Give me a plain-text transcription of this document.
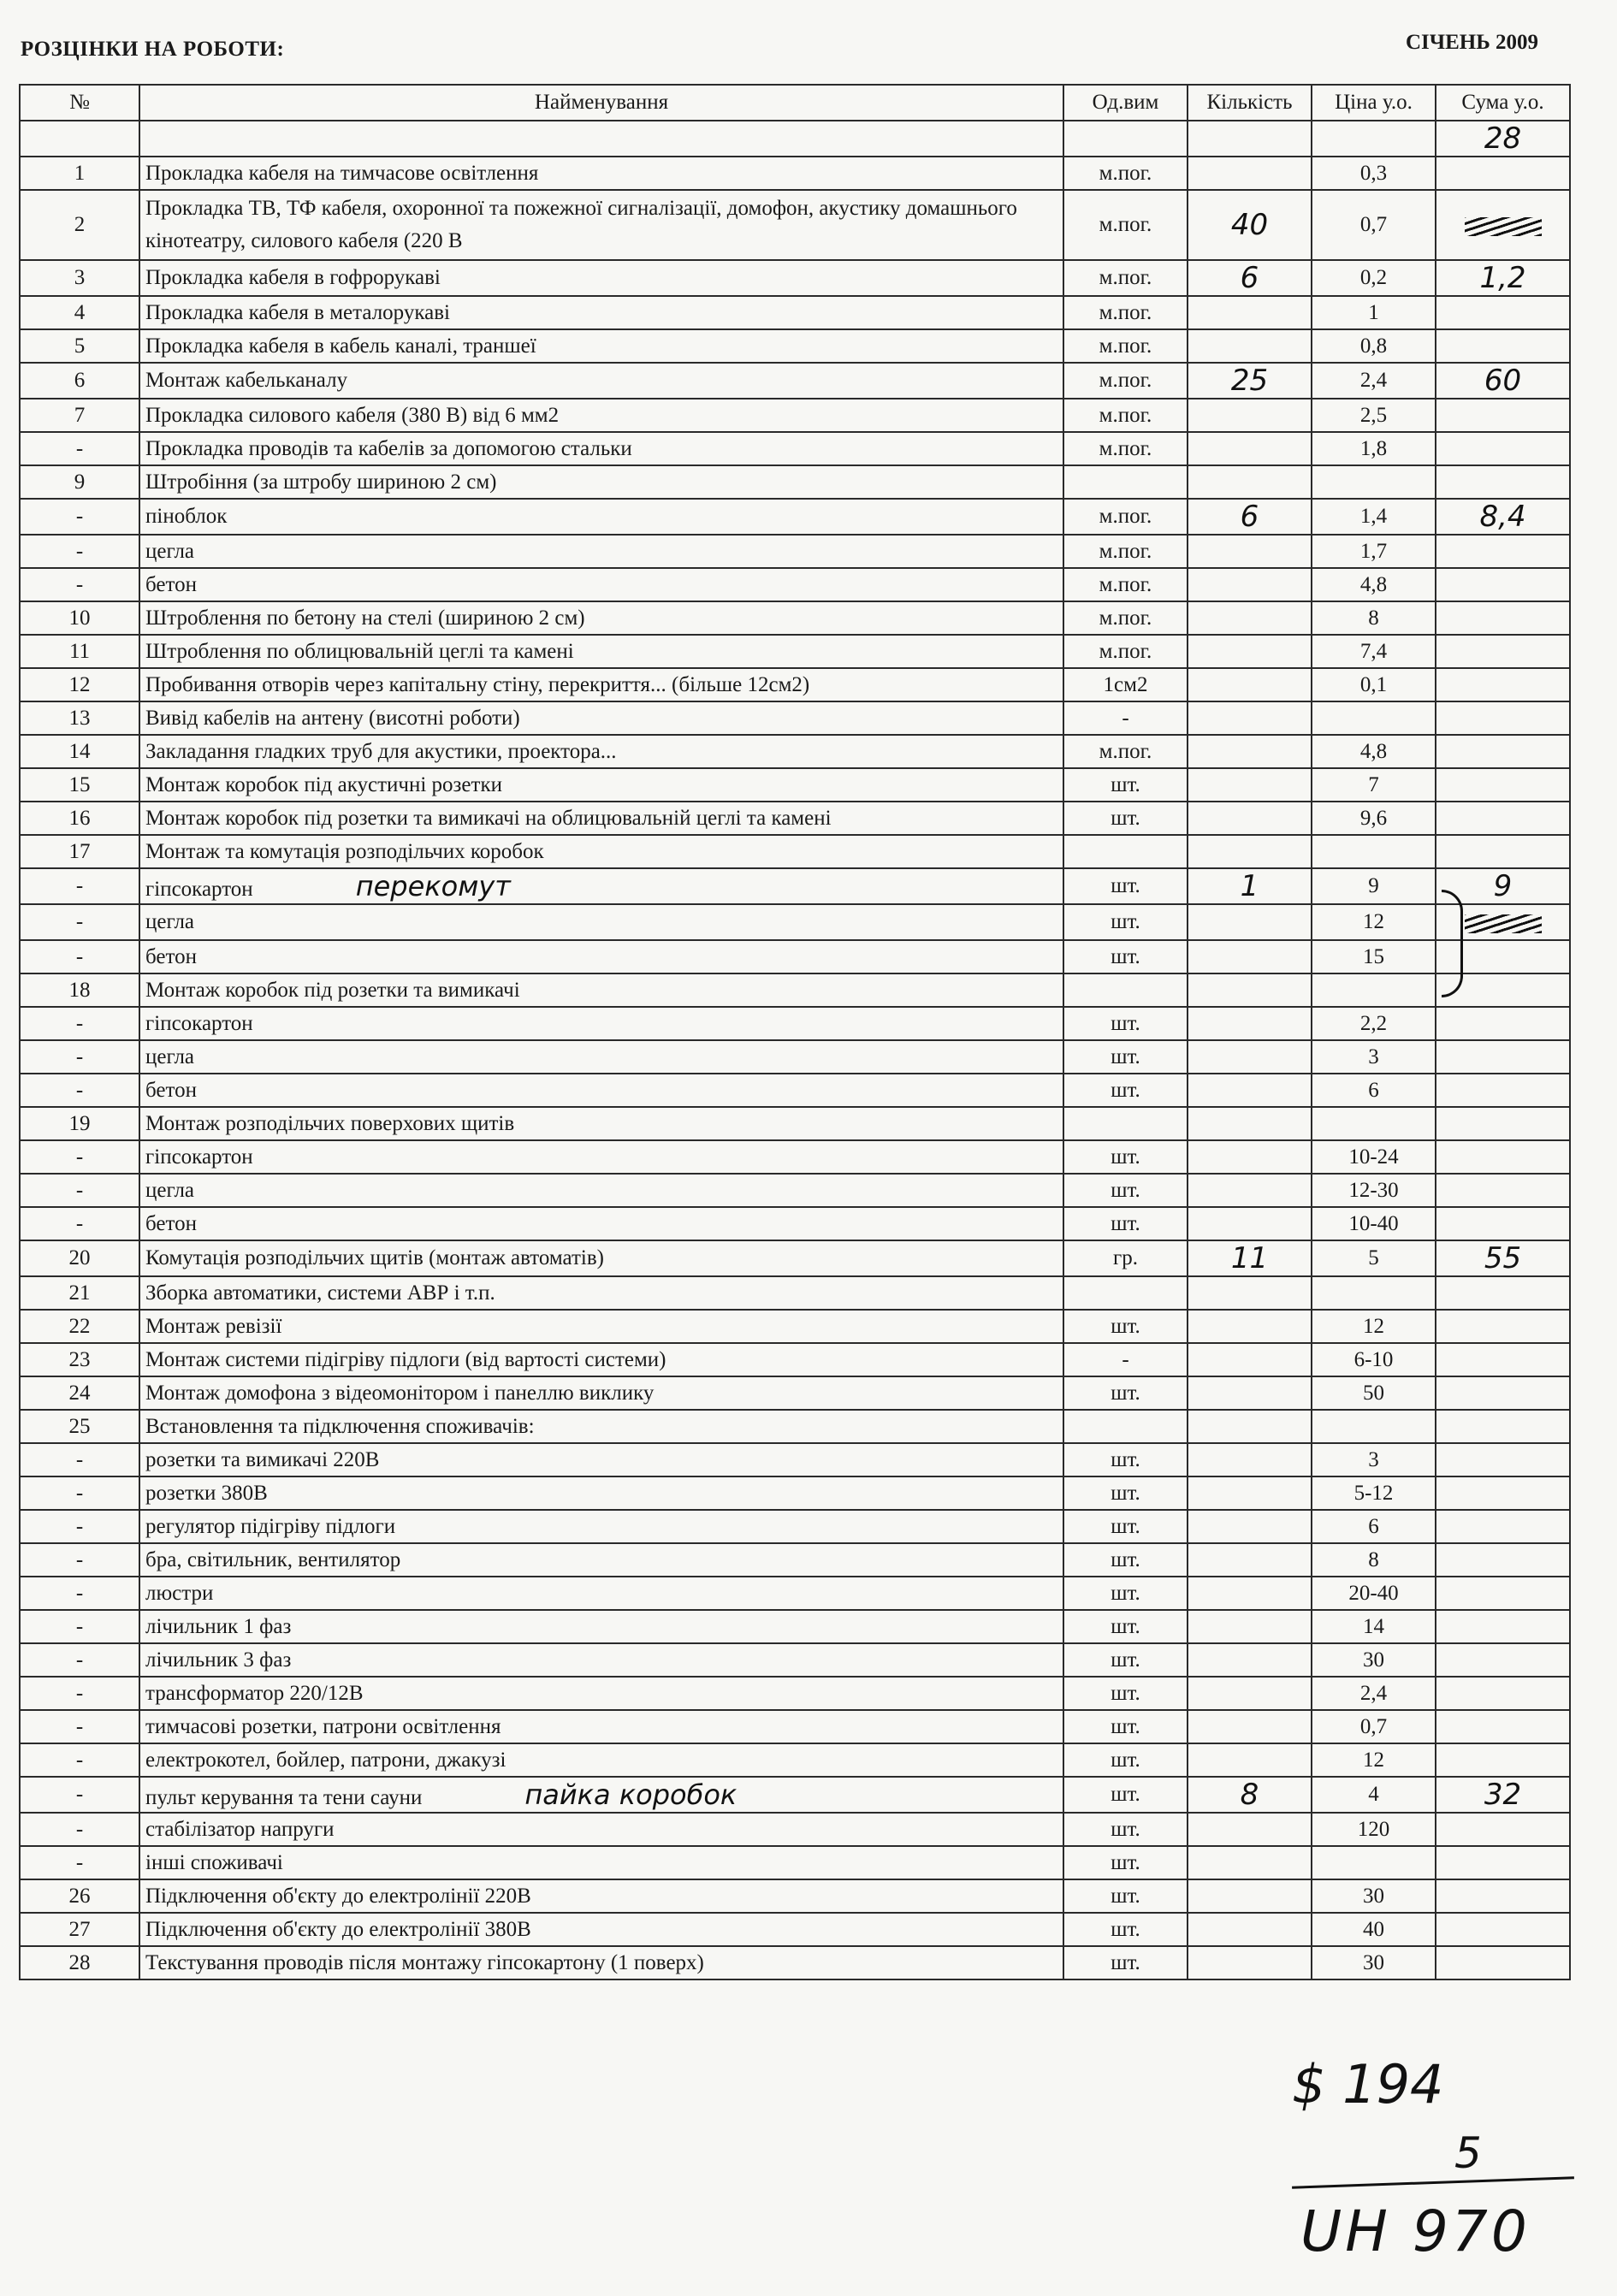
РОЗЦІНКИ НА РОБОТИ:	СІЧЕНЬ 2009
№	Найменування	Од.вим	Кількість	Ціна у.о.	Сума у.о.
					28
1	Прокладка кабеля на тимчасове освітлення	м.пог.		0,3	
2	Прокладка ТВ, ТФ кабеля, охоронної та пожежної сигналізації, домофон, акустику домашнього кінотеатру, силового кабеля (220 В	м.пог.	40	0,7	
3	Прокладка кабеля в гофрорукаві	м.пог.	6	0,2	1,2
4	Прокладка кабеля в металорукаві	м.пог.		1	
5	Прокладка кабеля в кабель каналі, траншеї	м.пог.		0,8	
6	Монтаж кабельканалу	м.пог.	25	2,4	60
7	Прокладка силового кабеля (380 В) від 6 мм2	м.пог.		2,5	
-	Прокладка проводів та кабелів за допомогою стальки	м.пог.		1,8	
9	Штробіння (за штробу шириною 2 см)				
-	піноблок	м.пог.	6	1,4	8,4
-	цегла	м.пог.		1,7	
-	бетон	м.пог.		4,8	
10	Штроблення по бетону на стелі (шириною 2 см)	м.пог.		8	
11	Штроблення по облицювальній цеглі та камені	м.пог.		7,4	
12	Пробивання отворів через капітальну стіну, перекриття... (більше 12см2)	1см2		0,1	
13	Вивід кабелів на антену (висотні роботи)	-			
14	Закладання гладких труб для акустики, проектора...	м.пог.		4,8	
15	Монтаж коробок під акустичні розетки	шт.		7	
16	Монтаж коробок під розетки та вимикачі на облицювальній цеглі та камені	шт.		9,6	
17	Монтаж та комутація розподільчих коробок				
-	гіпсокартон перекомут	шт.	1	9	9
-	цегла	шт.		12	
-	бетон	шт.		15	
18	Монтаж коробок під розетки та вимикачі				
-	гіпсокартон	шт.		2,2	
-	цегла	шт.		3	
-	бетон	шт.		6	
19	Монтаж розподільчих поверхових щитів				
-	гіпсокартон	шт.		10-24	
-	цегла	шт.		12-30	
-	бетон	шт.		10-40	
20	Комутація розподільчих щитів (монтаж автоматів)	гр.	11	5	55
21	Зборка автоматики, системи АВР і т.п.				
22	Монтаж ревізії	шт.		12	
23	Монтаж системи підігріву підлоги (від вартості системи)	-		6-10	
24	Монтаж домофона з відеомонітором і панеллю виклику	шт.		50	
25	Встановлення та підключення споживачів:				
-	розетки та вимикачі 220В	шт.		3	
-	розетки 380В	шт.		5-12	
-	регулятор підігріву підлоги	шт.		6	
-	бра, світильник, вентилятор	шт.		8	
-	люстри	шт.		20-40	
-	лічильник 1 фаз	шт.		14	
-	лічильник 3 фаз	шт.		30	
-	трансформатор 220/12В	шт.		2,4	
-	тимчасові розетки, патрони освітлення	шт.		0,7	
-	електрокотел, бойлер, патрони, джакузі	шт.		12	
-	пульт керування та тени сауни пайка коробок	шт.	8	4	32
-	стабілізатор напруги	шт.		120	
-	інші споживачі	шт.			
26	Підключення об'єкту до електролінії 220В	шт.		30	
27	Підключення об'єкту до електролінії 380В	шт.		40	
28	Текстування проводів після монтажу гіпсокартону (1 поверх)	шт.		30	
$ 194
5
UH 970
